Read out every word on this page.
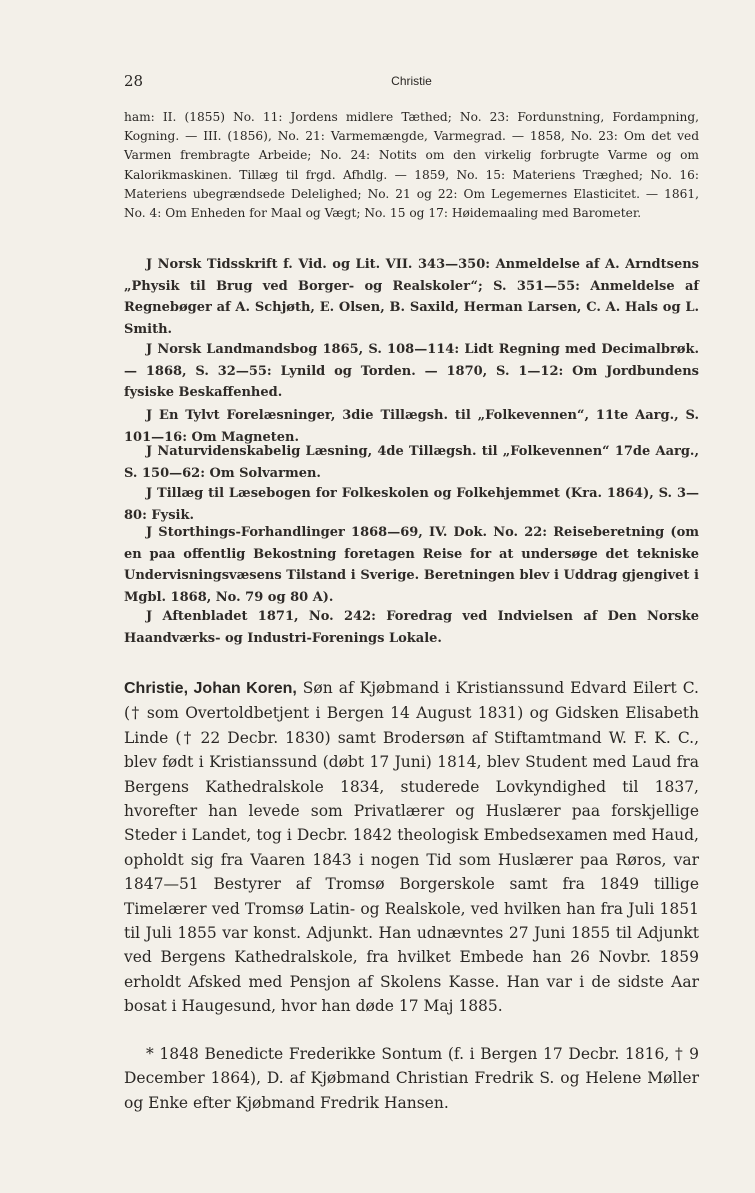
28	Christie

ham: II. (1855) No. 11: Jordens midlere Tæthed; No. 23: Fordunstning, Fordampning, Kogning. — III. (1856), No. 21: Varmemængde, Varmegrad. — 1858, No. 23: Om det ved Varmen frembragte Arbeide; No. 24: Notits om den virkelig forbrugte Varme og om Kalorikmaskinen. Tillæg til frgd. Afhdlg. — 1859, No. 15: Materiens Træghed; No. 16: Materiens ubegrændsede Delelighed; No. 21 og 22: Om Legemernes Elasticitet. — 1861, No. 4: Om Enheden for Maal og Vægt; No. 15 og 17: Høidemaaling med Barometer.

J Norsk Tidsskrift f. Vid. og Lit. VII. 343—350: Anmeldelse af A. Arndtsens „Physik til Brug ved Borger- og Realskoler“; S. 351—55: Anmeldelse af Regnebøger af A. Schjøth, E. Olsen, B. Saxild, Herman Larsen, C. A. Hals og L. Smith.

J Norsk Landmandsbog 1865, S. 108—114: Lidt Regning med Decimalbrøk. — 1868, S. 32—55: Lynild og Torden. — 1870, S. 1—12: Om Jordbundens fysiske Beskaffenhed.

J En Tylvt Forelæsninger, 3die Tillægsh. til „Folkevennen“, 11te Aarg., S. 101—16: Om Magneten.

J Naturvidenskabelig Læsning, 4de Tillægsh. til „Folkevennen“ 17de Aarg., S. 150—62: Om Solvarmen.

J Tillæg til Læsebogen for Folkeskolen og Folkehjemmet (Kra. 1864), S. 3—80: Fysik.

J Storthings-Forhandlinger 1868—69, IV. Dok. No. 22: Reiseberetning (om en paa offentlig Bekostning foretagen Reise for at undersøge det tekniske Undervisningsvæsens Tilstand i Sverige. Beretningen blev i Uddrag gjengivet i Mgbl. 1868, No. 79 og 80 A).

J Aftenbladet 1871, No. 242: Foredrag ved Indvielsen af Den Norske Haandværks- og Industri-Forenings Lokale.

Christie, Johan Koren, Søn af Kjøbmand i Kristianssund Edvard Eilert C. († som Overtoldbetjent i Bergen 14 August 1831) og Gidsken Elisabeth Linde († 22 Decbr. 1830) samt Brodersøn af Stiftamtmand W. F. K. C., blev født i Kristianssund (døbt 17 Juni) 1814, blev Student med Laud fra Bergens Kathedralskole 1834, studerede Lovkyndighed til 1837, hvorefter han levede som Privatlærer og Huslærer paa forskjellige Steder i Landet, tog i Decbr. 1842 theologisk Embedsexamen med Haud, opholdt sig fra Vaaren 1843 i nogen Tid som Huslærer paa Røros, var 1847—51 Bestyrer af Tromsø Borgerskole samt fra 1849 tillige Timelærer ved Tromsø Latin- og Realskole, ved hvilken han fra Juli 1851 til Juli 1855 var konst. Adjunkt. Han udnævntes 27 Juni 1855 til Adjunkt ved Bergens Kathedralskole, fra hvilket Embede han 26 Novbr. 1859 erholdt Afsked med Pensjon af Skolens Kasse. Han var i de sidste Aar bosat i Haugesund, hvor han døde 17 Maj 1885.

* 1848 Benedicte Frederikke Sontum (f. i Bergen 17 Decbr. 1816, † 9 December 1864), D. af Kjøbmand Christian Fredrik S. og Helene Møller og Enke efter Kjøbmand Fredrik Hansen.
